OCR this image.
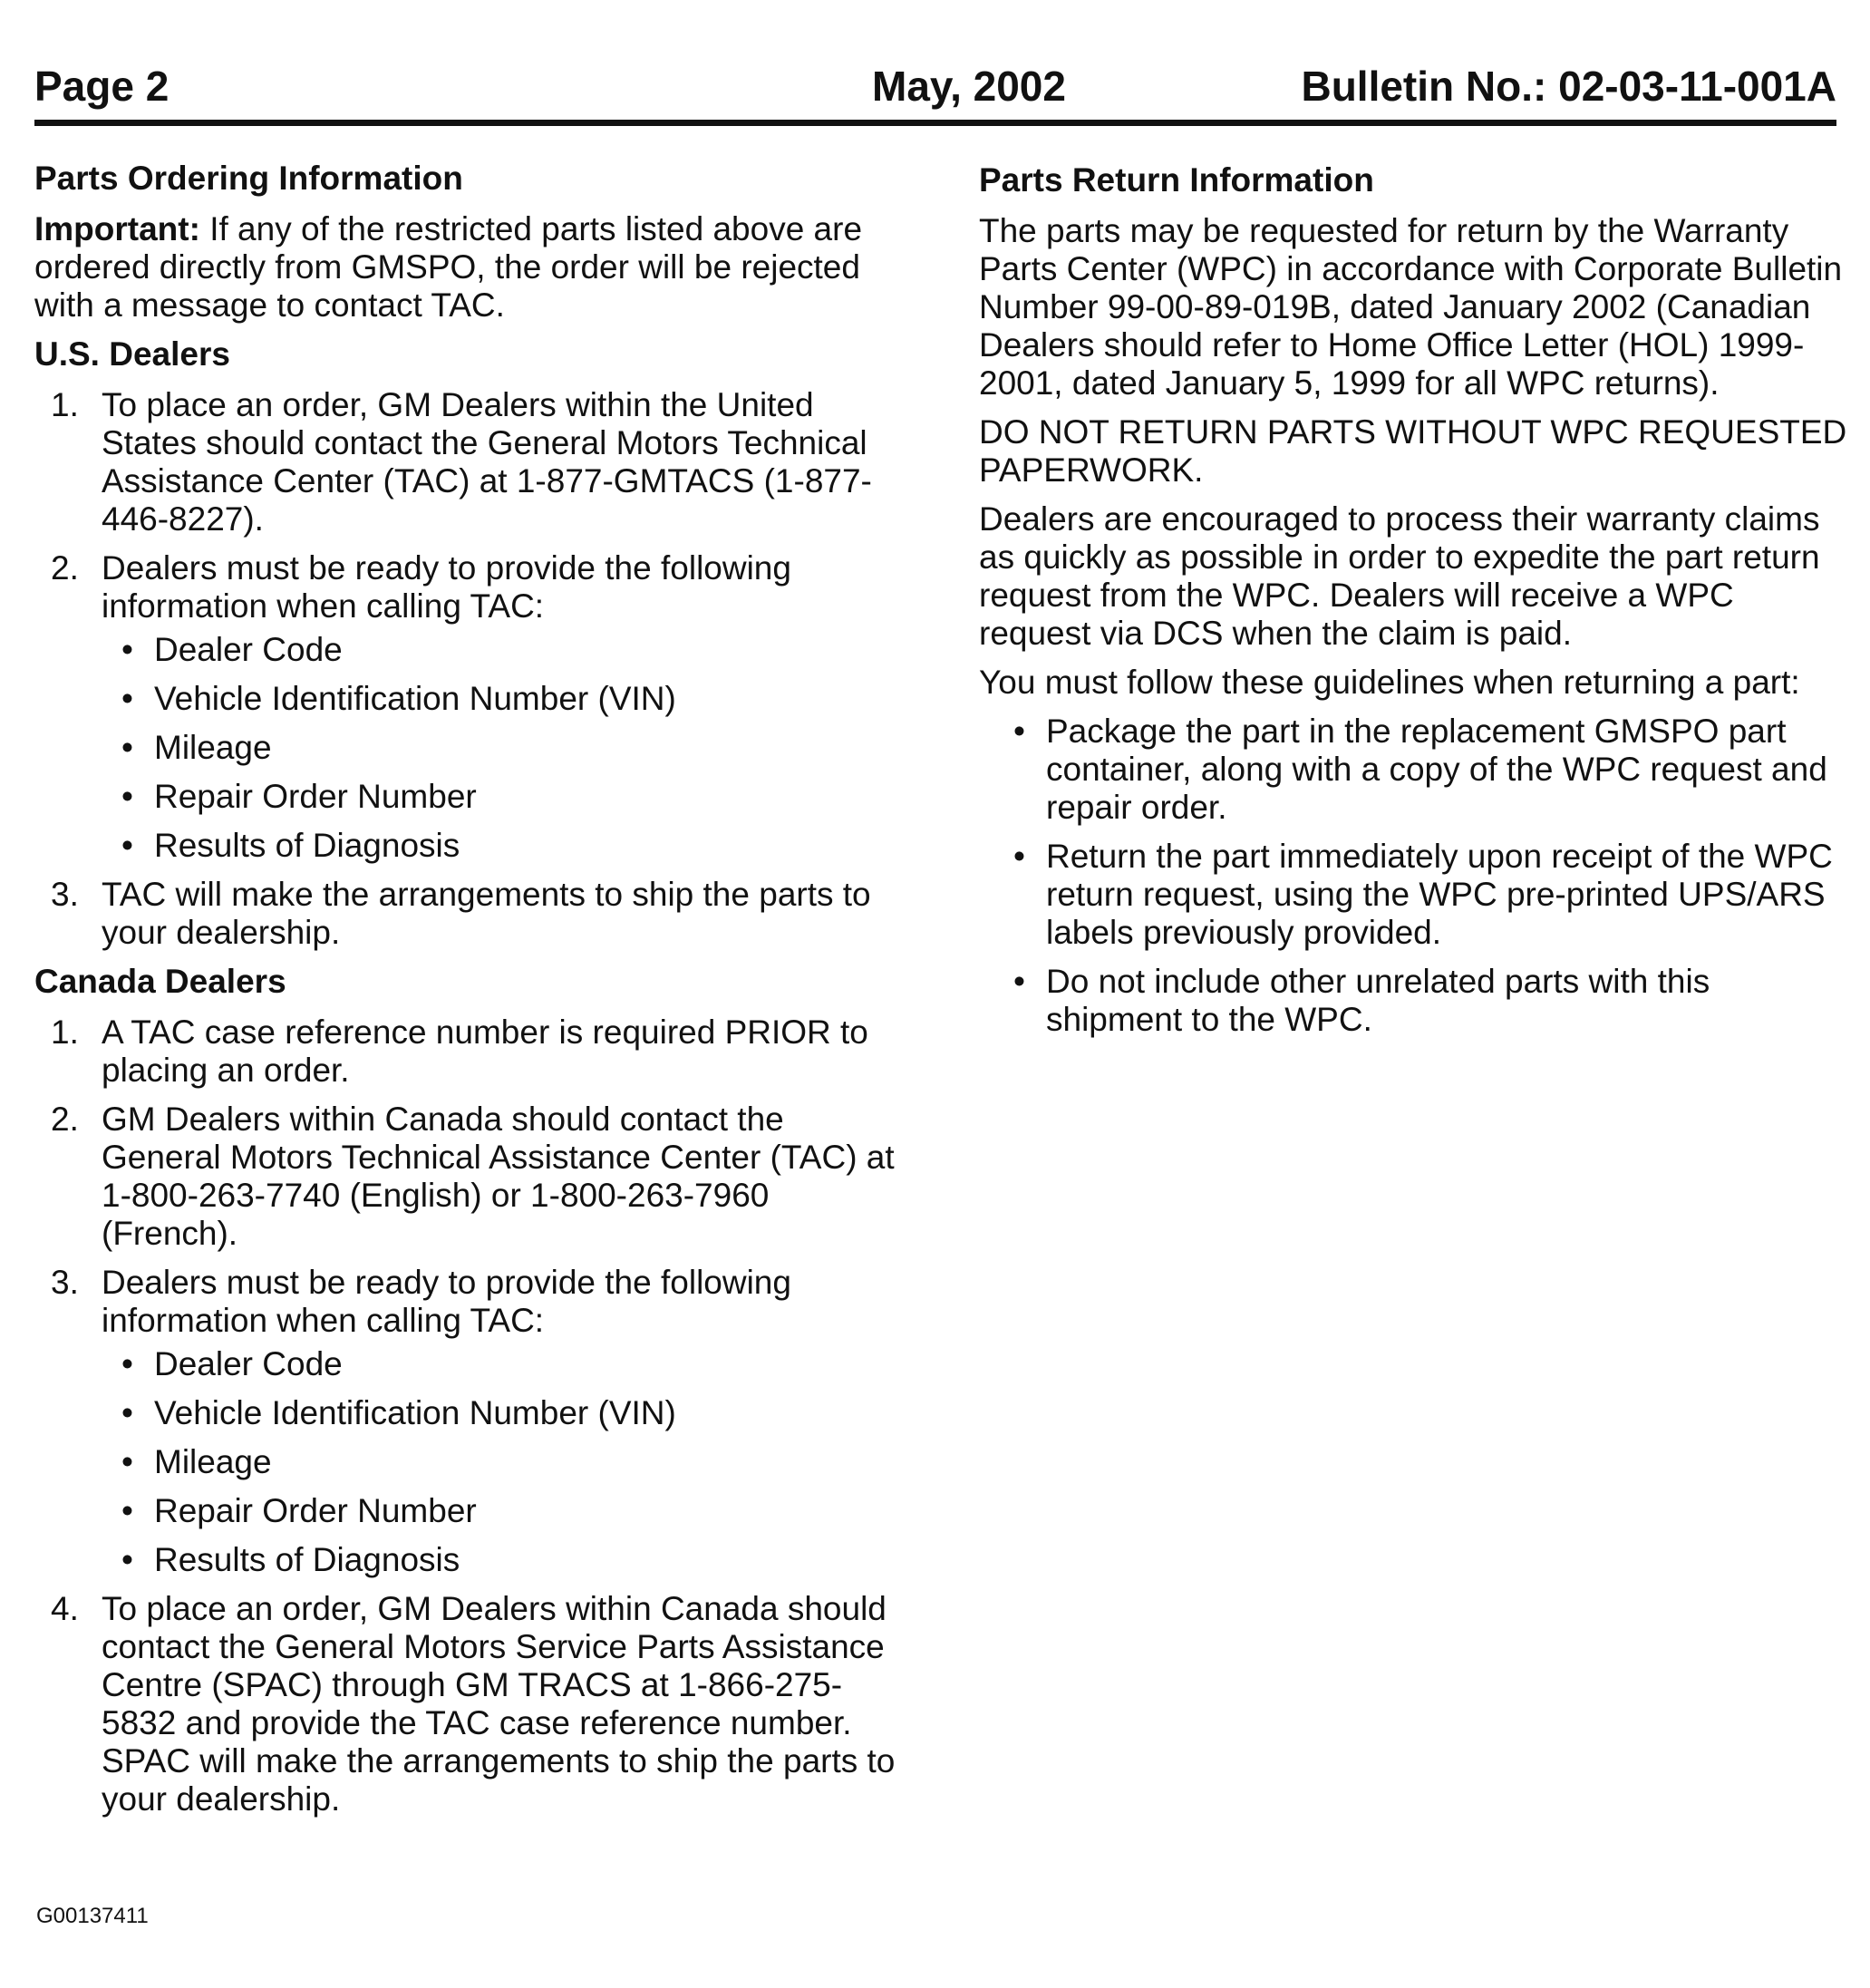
Page 2	May, 2002	Bulletin No.: 02-03-11-001A
Parts Ordering Information

Important: If any of the restricted parts listed above are ordered directly from GMSPO, the order will be rejected with a message to contact TAC.

U.S. Dealers
1. To place an order, GM Dealers within the United States should contact the General Motors Technical Assistance Center (TAC) at 1-877-GMTACS (1-877-446-8227).
2. Dealers must be ready to provide the following information when calling TAC:
• Dealer Code
• Vehicle Identification Number (VIN)
• Mileage
• Repair Order Number
• Results of Diagnosis
3. TAC will make the arrangements to ship the parts to your dealership.
Canada Dealers
1. A TAC case reference number is required PRIOR to placing an order.
2. GM Dealers within Canada should contact the General Motors Technical Assistance Center (TAC) at 1-800-263-7740 (English) or 1-800-263-7960 (French).
3. Dealers must be ready to provide the following information when calling TAC:
• Dealer Code
• Vehicle Identification Number (VIN)
• Mileage
• Repair Order Number
• Results of Diagnosis
4. To place an order, GM Dealers within Canada should contact the General Motors Service Parts Assistance Centre (SPAC) through GM TRACS at 1-866-275-5832 and provide the TAC case reference number. SPAC will make the arrangements to ship the parts to your dealership.
Parts Return Information

The parts may be requested for return by the Warranty Parts Center (WPC) in accordance with Corporate Bulletin Number 99-00-89-019B, dated January 2002 (Canadian Dealers should refer to Home Office Letter (HOL) 1999-2001, dated January 5, 1999 for all WPC returns).

DO NOT RETURN PARTS WITHOUT WPC REQUESTED PAPERWORK.

Dealers are encouraged to process their warranty claims as quickly as possible in order to expedite the part return request from the WPC. Dealers will receive a WPC request via DCS when the claim is paid.

You must follow these guidelines when returning a part:

• Package the part in the replacement GMSPO part container, along with a copy of the WPC request and repair order.
• Return the part immediately upon receipt of the WPC return request, using the WPC pre-printed UPS/ARS labels previously provided.
• Do not include other unrelated parts with this shipment to the WPC.
G00137411
